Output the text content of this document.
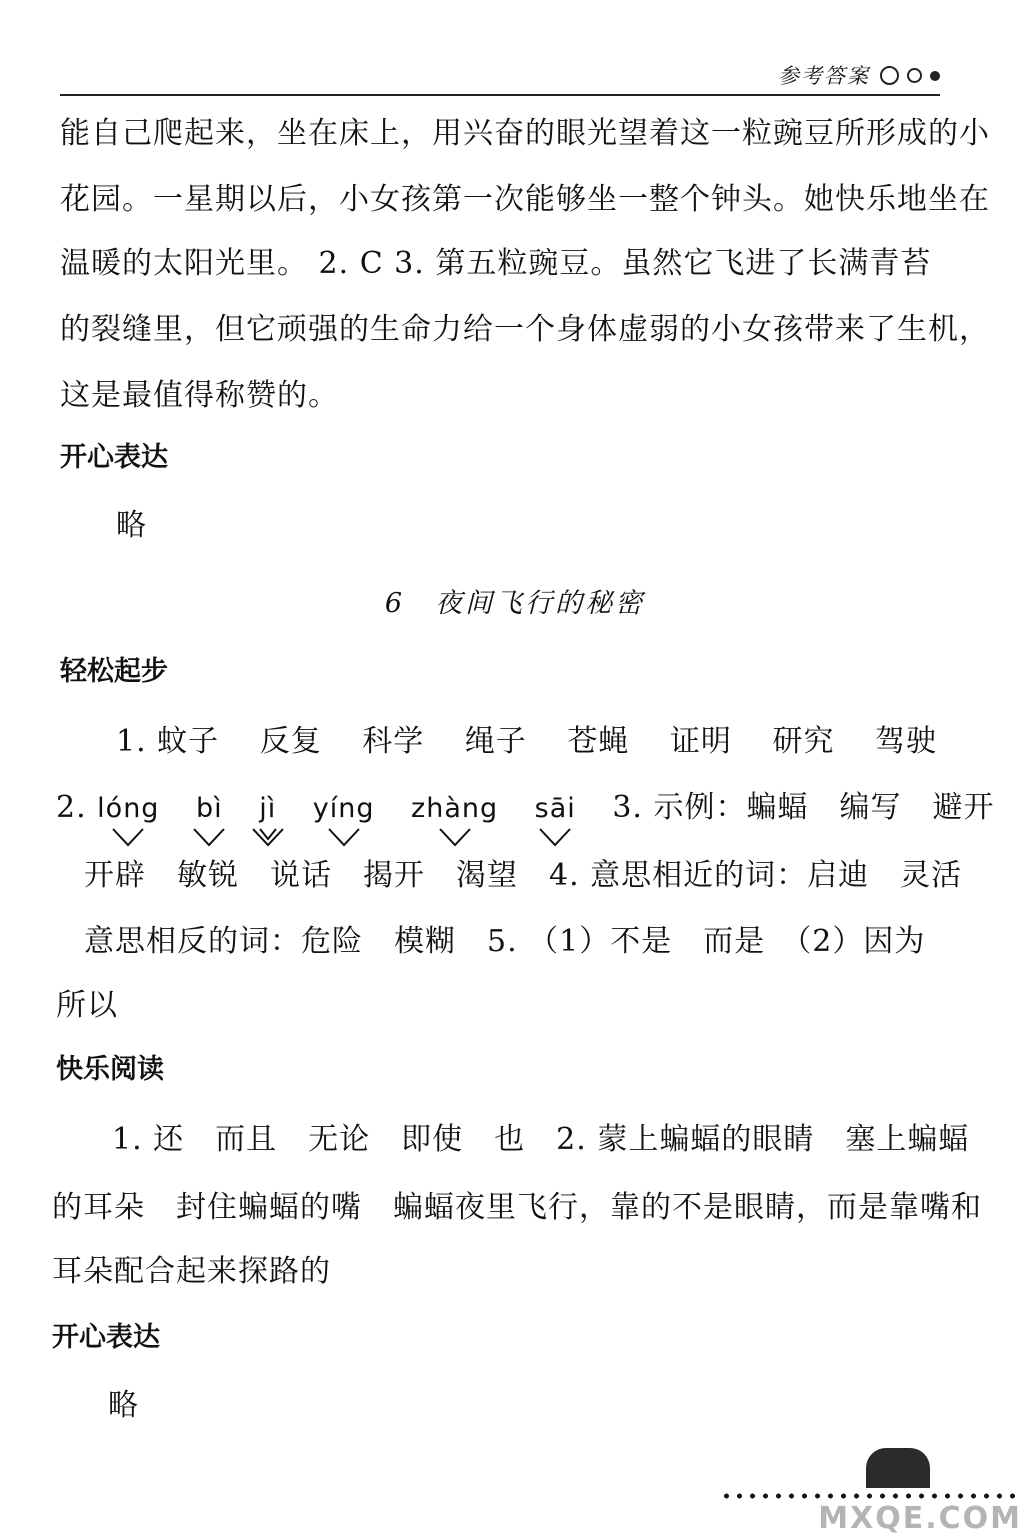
参考答案
能自己爬起来，坐在床上，用兴奋的眼光望着这一粒豌豆所形成的小
花园。一星期以后，小女孩第一次能够坐一整个钟头。她快乐地坐在
温暖的太阳光里。 2. C 3. 第五粒豌豆。虽然它飞进了长满青苔
的裂缝里，但它顽强的生命力给一个身体虚弱的小女孩带来了生机，
这是最值得称赞的。
开心表达
略
6　夜间飞行的秘密
轻松起步
1. 蚊子 反复 科学 绳子 苍蝇 证明 研究 驾驶
2. lóng bì jì yíng zhàng sāi 3. 示例：蝙蝠　编写　避开
开辟　敏锐　说话　揭开　渴望　4. 意思相近的词：启迪　灵活
意思相反的词：危险　模糊　5. （1）不是　而是　（2）因为
所以
快乐阅读
1. 还　而且　无论　即使　也　2. 蒙上蝙蝠的眼睛　塞上蝙蝠
的耳朵　封住蝙蝠的嘴　蝙蝠夜里飞行，靠的不是眼睛，而是靠嘴和
耳朵配合起来探路的
开心表达
略
MXQE.COM
